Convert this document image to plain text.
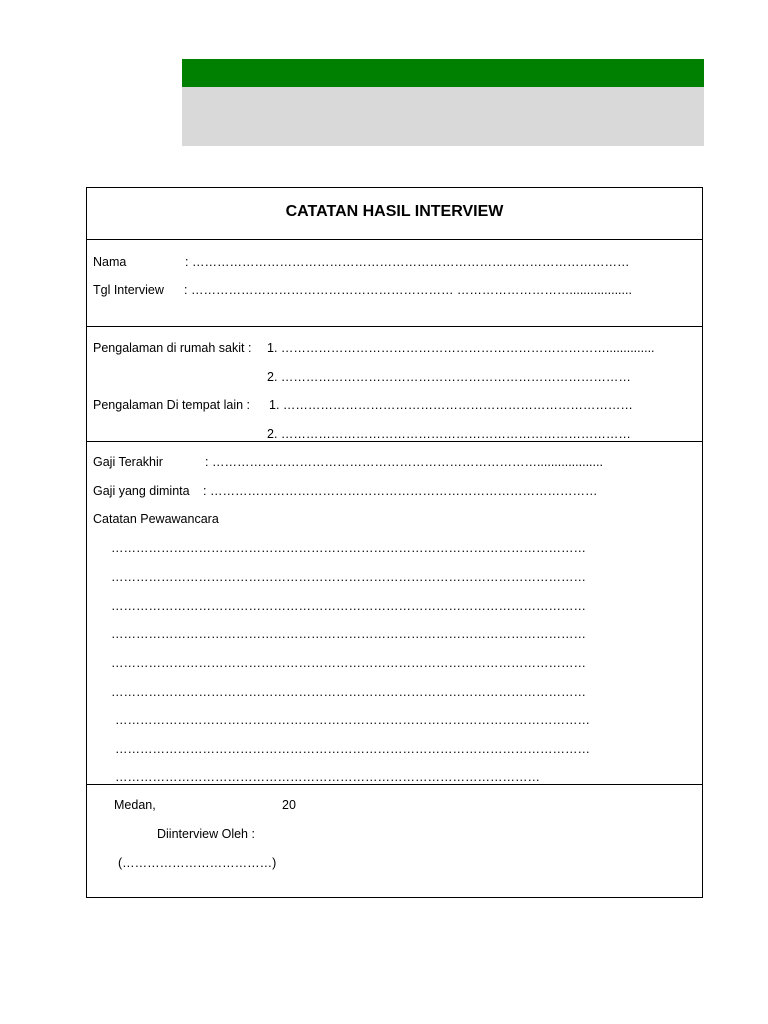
CATATAN HASIL INTERVIEW
Nama	: ……………………………………………………………………………………………
Tgl Interview : ……………………………………………………… ………………………..................
Pengalaman di rumah sakit : 1. ……………………………………………………………………..............
2. …………………………………………………………………………
Pengalaman Di tempat lain : 1. …………………………………………………………………………
2. …………………………………………………………………………
Gaji Terakhir	: ……………………………………………………………………...................
Gaji yang diminta : …………………………………………………………………………………
Catatan Pewawancara
……………………………………………………………………………………………………
……………………………………………………………………………………………………
……………………………………………………………………………………………………
……………………………………………………………………………………………………
……………………………………………………………………………………………………
……………………………………………………………………………………………………
……………………………………………………………………………………………………
……………………………………………………………………………………………………
…………………………………………………………………………………………
Medan,	20
Diinterview Oleh :
(………………………………)
